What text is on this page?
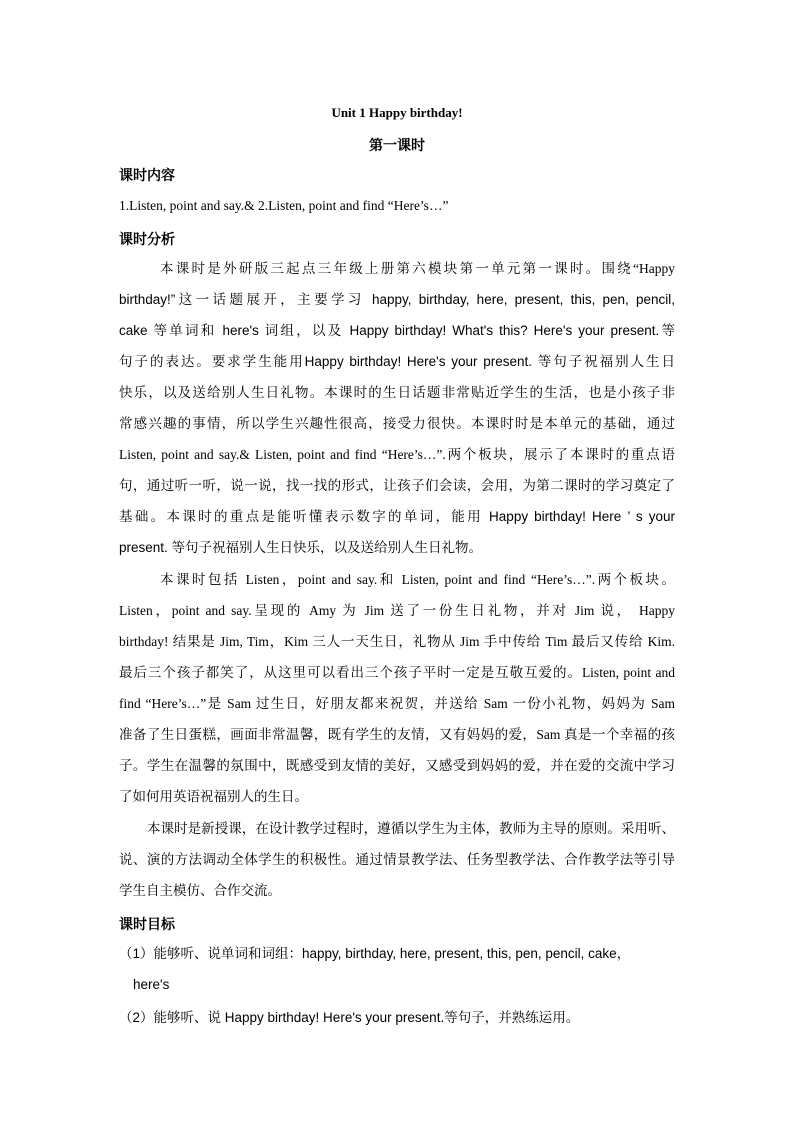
Unit 1 Happy birthday!
第一课时
课时内容
1.Listen, point and say.& 2.Listen, point and find “Here’s…”
课时分析
本课时是外研版三起点三年级上册第六模块第一单元第一课时。围绕“Happy
birthday!”这一话题展开，主要学习 happy, birthday, here, present, this, pen, pencil,
cake 等单词和 here's 词组，以及 Happy birthday! What's this? Here's your present.等
句子的表达。要求学生能用Happy birthday! Here's your present. 等句子祝福别人生日
快乐，以及送给别人生日礼物。本课时的生日话题非常贴近学生的生活，也是小孩子非
常感兴趣的事情，所以学生兴趣性很高，接受力很快。本课时时是本单元的基础，通过
Listen, point and say.& Listen, point and find “Here’s…”.两个板块，展示了本课时的重点语
句，通过听一听，说一说，找一找的形式，让孩子们会读，会用，为第二课时的学习奠定了
基础。本课时的重点是能听懂表示数字的单词，能用 Happy birthday! Here ’ s your
present. 等句子祝福别人生日快乐，以及送给别人生日礼物。
本课时包括 Listen，point and say.和 Listen, point and find “Here’s…”.两个板块。
Listen，point and say.呈现的 Amy 为 Jim 送了一份生日礼物，并对 Jim 说， Happy
birthday! 结果是 Jim, Tim，Kim 三人一天生日，礼物从 Jim 手中传给 Tim 最后又传给 Kim.
最后三个孩子都笑了，从这里可以看出三个孩子平时一定是互敬互爱的。Listen, point and
find “Here’s…”是 Sam 过生日，好朋友都来祝贺，并送给 Sam 一份小礼物，妈妈为 Sam
准备了生日蛋糕，画面非常温馨，既有学生的友情，又有妈妈的爱，Sam 真是一个幸福的孩
子。学生在温馨的氛围中，既感受到友情的美好，又感受到妈妈的爱，并在爱的交流中学习
了如何用英语祝福别人的生日。
本课时是新授课，在设计教学过程时，遵循以学生为主体，教师为主导的原则。采用听、
说、演的方法调动全体学生的积极性。通过情景教学法、任务型教学法、合作教学法等引导
学生自主模仿、合作交流。
课时目标
（1）能够听、说单词和词组：happy, birthday, here, present, this, pen, pencil, cake，
here's
（2）能够听、说 Happy birthday! Here's your present.等句子，并熟练运用。
